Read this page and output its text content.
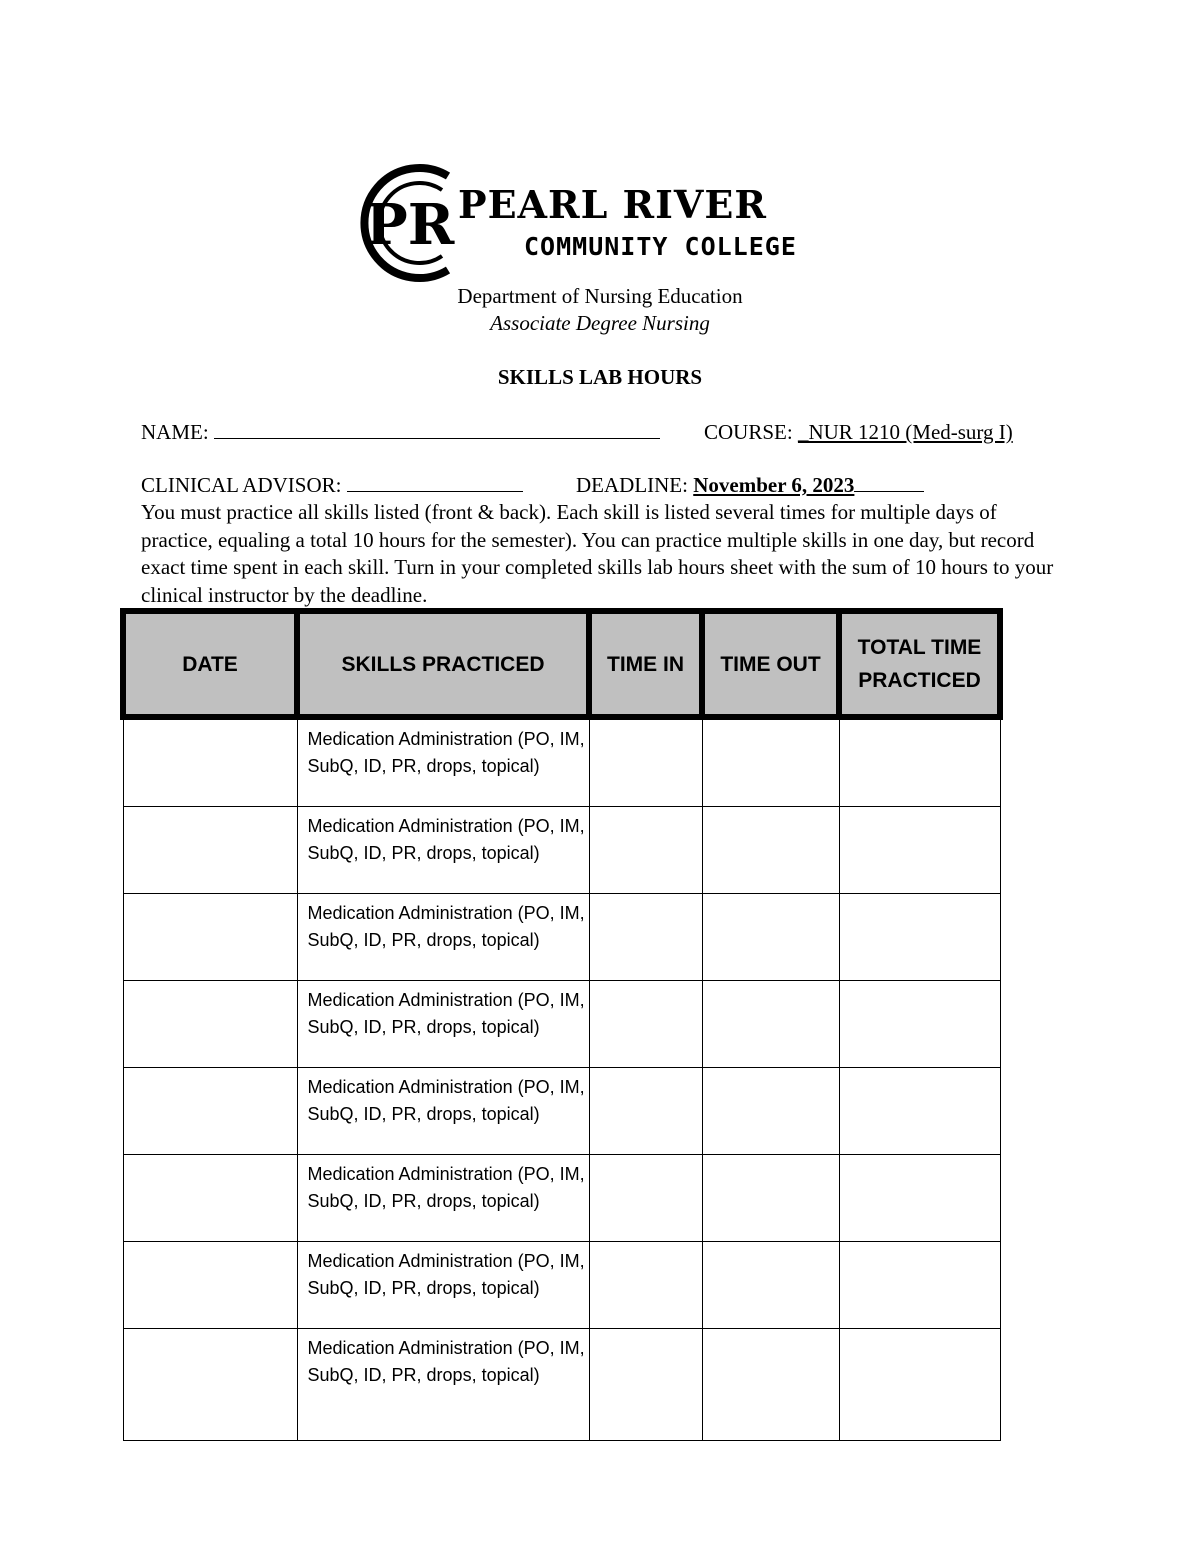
PR PEARL RIVER
COMMUNITY COLLEGE
Department of Nursing Education
Associate Degree Nursing
SKILLS LAB HOURS
NAME:	COURSE: _NUR 1210 (Med-surg I)
CLINICAL ADVISOR:	DEADLINE: November 6, 2023
You must practice all skills listed (front & back). Each skill is listed several times for multiple days of practice, equaling a total 10 hours for the semester). You can practice multiple skills in one day, but record exact time spent in each skill. Turn in your completed skills lab hours sheet with the sum of 10 hours to your clinical instructor by the deadline.
DATE	SKILLS PRACTICED	TIME IN	TIME OUT	TOTAL TIME PRACTICED
	Medication Administration (PO, IM, SubQ, ID, PR, drops, topical)			
	Medication Administration (PO, IM, SubQ, ID, PR, drops, topical)			
	Medication Administration (PO, IM, SubQ, ID, PR, drops, topical)			
	Medication Administration (PO, IM, SubQ, ID, PR, drops, topical)			
	Medication Administration (PO, IM, SubQ, ID, PR, drops, topical)			
	Medication Administration (PO, IM, SubQ, ID, PR, drops, topical)			
	Medication Administration (PO, IM, SubQ, ID, PR, drops, topical)			
	Medication Administration (PO, IM, SubQ, ID, PR, drops, topical)			
